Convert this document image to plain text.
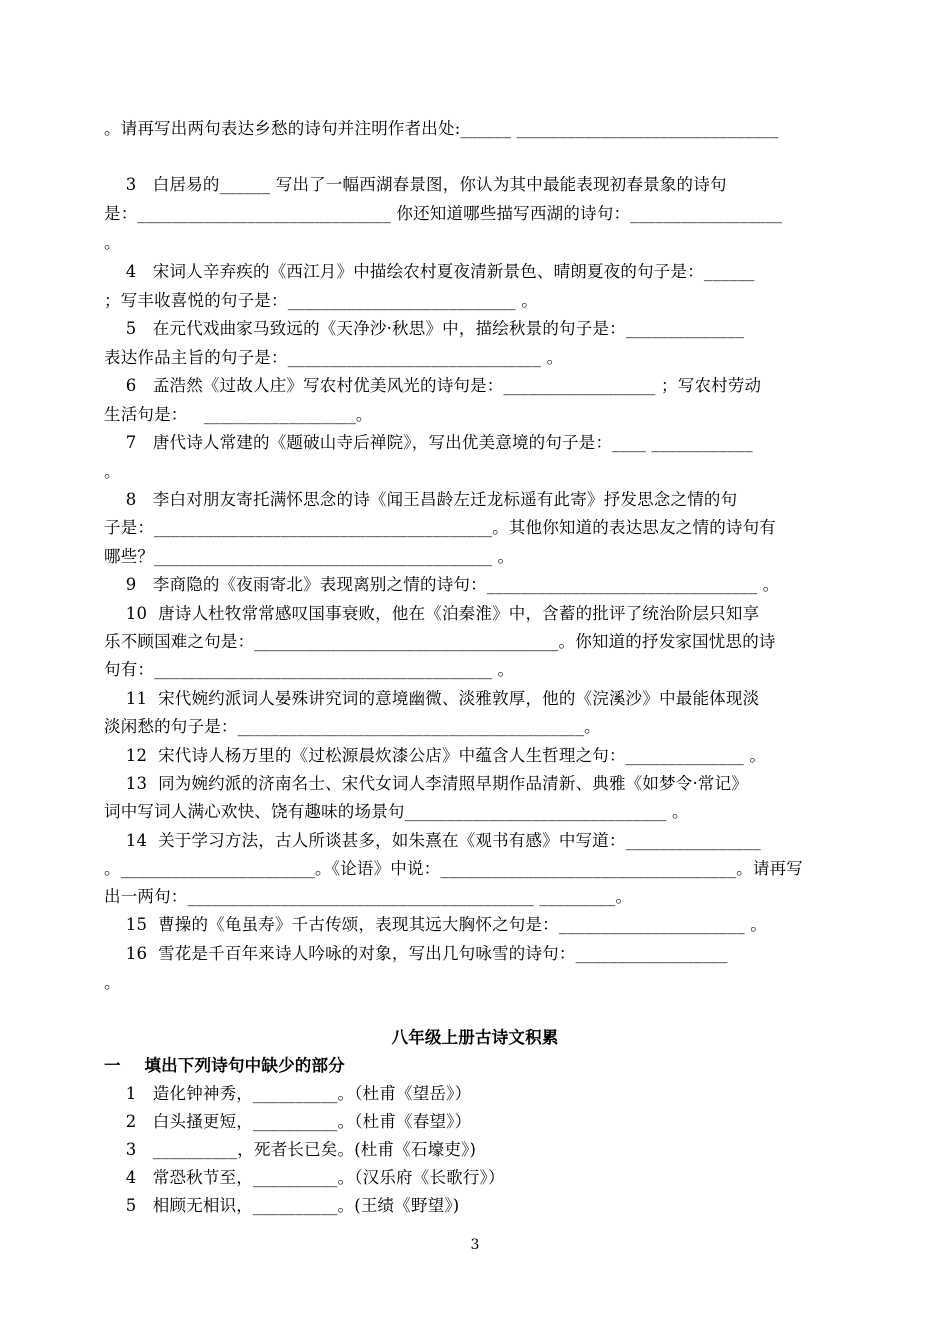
。请再写出两句表达乡愁的诗句并注明作者出处:______ _______________________________
3   白居易的______ 写出了一幅西湖春景图，你认为其中最能表现初春景象的诗句
是：______________________________ 你还知道哪些描写西湖的诗句：__________________
。
4   宋词人辛弃疾的《西江月》中描绘农村夏夜清新景色、晴朗夏夜的句子是：______
；写丰收喜悦的句子是：___________________________ 。
5   在元代戏曲家马致远的《天净沙·秋思》中，描绘秋景的句子是：______________
表达作品主旨的句子是：______________________________ 。
6   孟浩然《过故人庄》写农村优美风光的诗句是：__________________ ；写农村劳动
生活句是：   __________________。
7   唐代诗人常建的《题破山寺后禅院》，写出优美意境的句子是：____ ____________
。
8   李白对朋友寄托满怀思念的诗《闻王昌龄左迁龙标遥有此寄》抒发思念之情的句
子是：________________________________________。其他你知道的表达思友之情的诗句有
哪些？________________________________________ 。
9   李商隐的《夜雨寄北》表现离别之情的诗句：________________________________ 。
10  唐诗人杜牧常常感叹国事衰败，他在《泊秦淮》中，含蓄的批评了统治阶层只知享
乐不顾国难之句是：____________________________________。你知道的抒发家国忧思的诗
句有：________________________________________ 。
11  宋代婉约派词人晏殊讲究词的意境幽微、淡雅敦厚，他的《浣溪沙》中最能体现淡
淡闲愁的句子是：_________________________________________。
12  宋代诗人杨万里的《过松源晨炊漆公店》中蕴含人生哲理之句：______________ 。
13  同为婉约派的济南名士、宋代女词人李清照早期作品清新、典雅《如梦令·常记》
词中写词人满心欢快、饶有趣味的场景句_______________________________ 。
14  关于学习方法，古人所谈甚多，如朱熹在《观书有感》中写道：________________
。_______________________。《论语》中说：___________________________________。请再写
出一两句：_________________________________________ _________。
15  曹操的《龟虽寿》千古传颂，表现其远大胸怀之句是：______________________ 。
16  雪花是千百年来诗人吟咏的对象，写出几句咏雪的诗句：__________________
。
八年级上册古诗文积累
一    填出下列诗句中缺少的部分
1   造化钟神秀，__________。（杜甫《望岳》）
2   白头搔更短，__________。（杜甫《春望》）
3   __________，死者长已矣。(杜甫《石壕吏》)
4   常恐秋节至，__________。（汉乐府《长歌行》）
5   相顾无相识，__________。(王绩《野望》)
3
